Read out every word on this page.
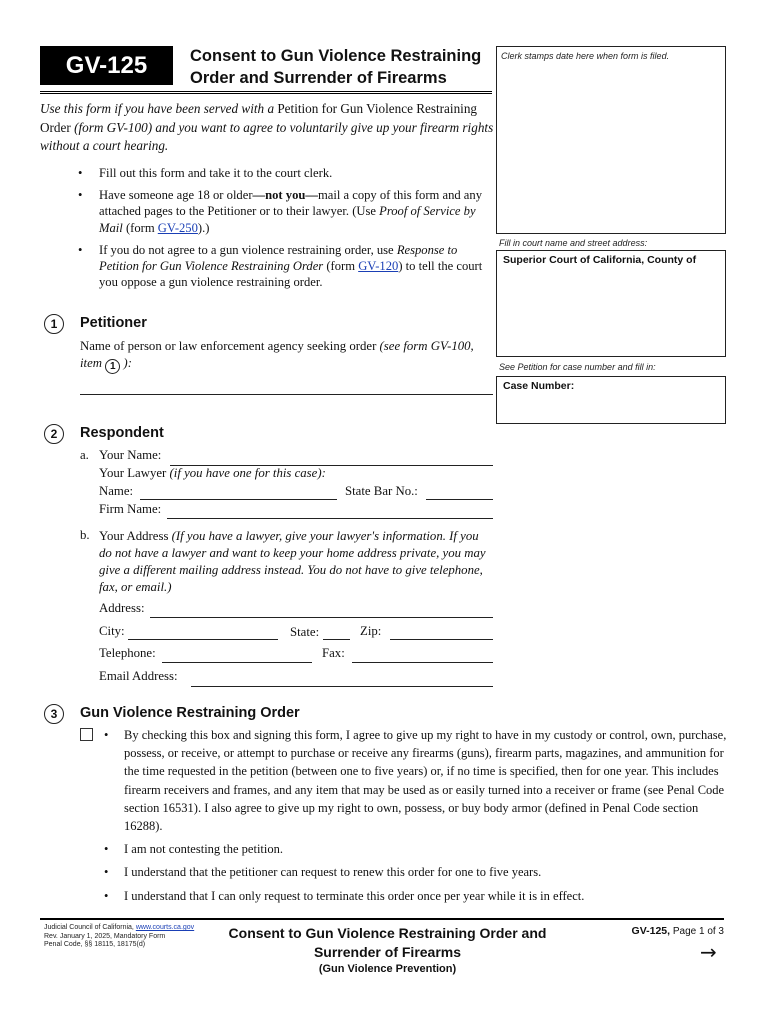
GV-125	Consent to Gun Violence Restraining
Order and Surrender of Firearms
Clerk stamps date here when form is filed.
Fill in court name and street address:
Superior Court of California, County of
See Petition for case number and fill in:
Case Number:
Use this form if you have been served with a Petition for Gun Violence Restraining Order (form GV-100) and you want to agree to voluntarily give up your firearm rights without a court hearing.
• Fill out this form and take it to the court clerk.
• Have someone age 18 or older—not you—mail a copy of this form and any attached pages to the Petitioner or to their lawyer. (Use Proof of Service by Mail (form GV-250).)
• If you do not agree to a gun violence restraining order, use Response to Petition for Gun Violence Restraining Order (form GV-120) to tell the court you oppose a gun violence restraining order.
1	Petitioner
Name of person or law enforcement agency seeking order (see form GV-100, item 1 ):
2	Respondent
a. Your Name:
Your Lawyer (if you have one for this case):
Name:	State Bar No.:
Firm Name:
b. Your Address (If you have a lawyer, give your lawyer's information. If you do not have a lawyer and want to keep your home address private, you may give a different mailing address instead. You do not have to give telephone, fax, or email.)
Address:
City:	State:	Zip:
Telephone:	Fax:
Email Address:
3	Gun Violence Restraining Order
• By checking this box and signing this form, I agree to give up my right to have in my custody or control, own, purchase, possess, or receive, or attempt to purchase or receive any firearms (guns), firearm parts, magazines, and ammunition for the time requested in the petition (between one to five years) or, if no time is specified, then for one year. This includes firearm receivers and frames, and any item that may be used as or easily turned into a receiver or frame (see Penal Code section 16531). I also agree to give up my right to own, possess, or buy body armor (defined in Penal Code section 16288).
• I am not contesting the petition.
• I understand that the petitioner can request to renew this order for one to five years.
• I understand that I can only request to terminate this order once per year while it is in effect.
Judicial Council of California, www.courts.ca.gov
Rev. January 1, 2025, Mandatory Form
Penal Code, §§ 18115, 18175(d)
Consent to Gun Violence Restraining Order and
Surrender of Firearms
(Gun Violence Prevention)
GV-125, Page 1 of 3
→
